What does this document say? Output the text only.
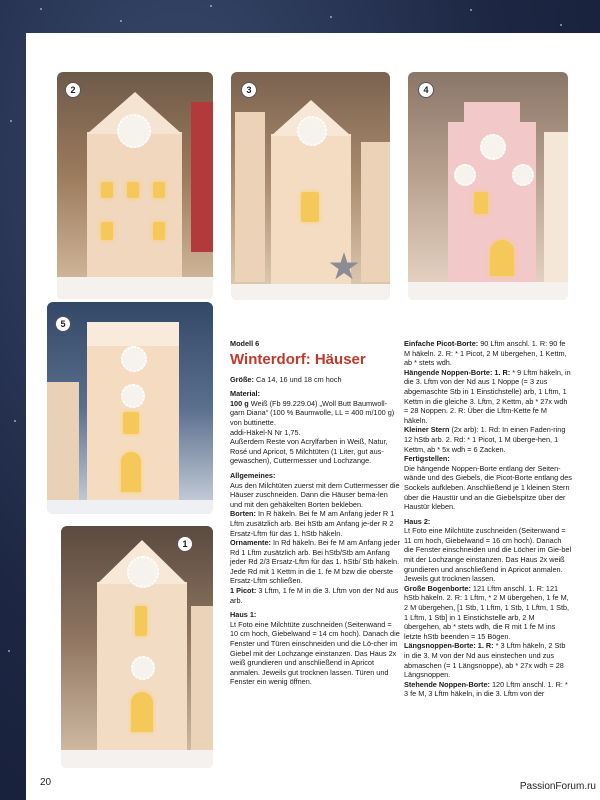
2	3	4
5
1
Modell 6
Winterdorf: Häuser

Größe: Ca 14, 16 und 18 cm hoch

Material:

100 g Weiß (Fb 99.229.04) „Woll Butt Baumwoll-garn Diana“ (100 % Baumwolle, LL = 400 m/100 g) von buttinette.

addi-Häkel-N Nr 1,75.

Außerdem Reste von Acrylfarben in Weiß, Natur, Rosé und Apricot, 5 Milchtüten (1 Liter, gut aus-gewaschen), Cuttermesser und Lochzange.

Allgemeines:

Aus den Milchtüten zuerst mit dem Cuttermesser die Häuser zuschneiden. Dann die Häuser bema-len und mit den gehäkelten Borten bekleben.

Borten: In R häkeln. Bei fe M am Anfang jeder R 1 Lftm zusätzlich arb. Bei hStb am Anfang je-der R 2 Ersatz-Lftm für das 1. hStb häkeln.

Ornamente: In Rd häkeln. Bei fe M am Anfang jeder Rd 1 Lftm zusätzlich arb. Bei hStb/Stb am Anfang jeder Rd 2/3 Ersatz-Lftm für das 1. hStb/ Stb häkeln. Jede Rd mit 1 Kettm in die 1. fe M bzw die oberste Ersatz-Lftm schließen.

1 Picot: 3 Lftm, 1 fe M in die 3. Lftm von der Nd aus arb.

Haus 1:

Lt Foto eine Milchtüte zuschneiden (Seitenwand = 10 cm hoch, Giebelwand = 14 cm hoch). Danach die Fenster und Türen einschneiden und die Lö-cher im Giebel mit der Lochzange einstanzen. Das Haus 2x weiß grundieren und anschließend in Apricot anmalen. Jeweils gut trocknen lassen. Türen und Fenster ein wenig öffnen.

Einfache Picot-Borte: 90 Lftm anschl. 1. R: 90 fe M häkeln. 2. R: * 1 Picot, 2 M übergehen, 1 Kettm, ab * stets wdh.

Hängende Noppen-Borte: 1. R: * 9 Lftm häkeln, in die 3. Lftm von der Nd aus 1 Noppe (= 3 zus abgemaschte Stb in 1 Einstichstelle) arb, 1 Lftm, 1 Kettm in die gleiche 3. Lftm, 2 Kettm, ab * 27x wdh = 28 Noppen. 2. R: Über die Lftm-Kette fe M häkeln.

Kleiner Stern (2x arb): 1. Rd: In einen Faden-ring 12 hStb arb. 2. Rd: * 1 Picot, 1 M überge-hen, 1 Kettm, ab * 5x wdh = 6 Zacken.

Fertigstellen:

Die hängende Noppen-Borte entlang der Seiten-wände und des Giebels, die Picot-Borte entlang des Sockels aufkleben. Anschließend je 1 kleinen Stern über die Haustür und an die Giebelspitze über der Haustür kleben.

Haus 2:

Lt Foto eine Milchtüte zuschneiden (Seitenwand = 11 cm hoch, Giebelwand = 16 cm hoch). Danach die Fenster einschneiden und die Löcher im Gie-bel mit der Lochzange einstanzen. Das Haus 2x weiß grundieren und anschließend in Apricot anmalen. Jeweils gut trocknen lassen.

Große Bogenborte: 121 Lftm anschl. 1. R: 121 hStb häkeln. 2. R: 1 Lftm, * 2 M übergehen, 1 fe M, 2 M übergehen, [1 Stb, 1 Lftm, 1 Stb, 1 Lftm, 1 Stb, 1 Lftm, 1 Stb] in 1 Einstichstelle arb, 2 M übergehen, ab * stets wdh, die R mit 1 fe M ins letzte hStb beenden = 15 Bögen.

Längsnoppen-Borte: 1. R: * 3 Lftm häkeln, 2 Stb in die 3. M von der Nd aus einstechen und zus abmaschen (= 1 Längsnoppe), ab * 27x wdh = 28 Längsnoppen.

Stehende Noppen-Borte: 120 Lftm anschl. 1. R: * 3 fe M, 3 Lftm häkeln, in die 3. Lftm von der

20	PassionForum.ru
